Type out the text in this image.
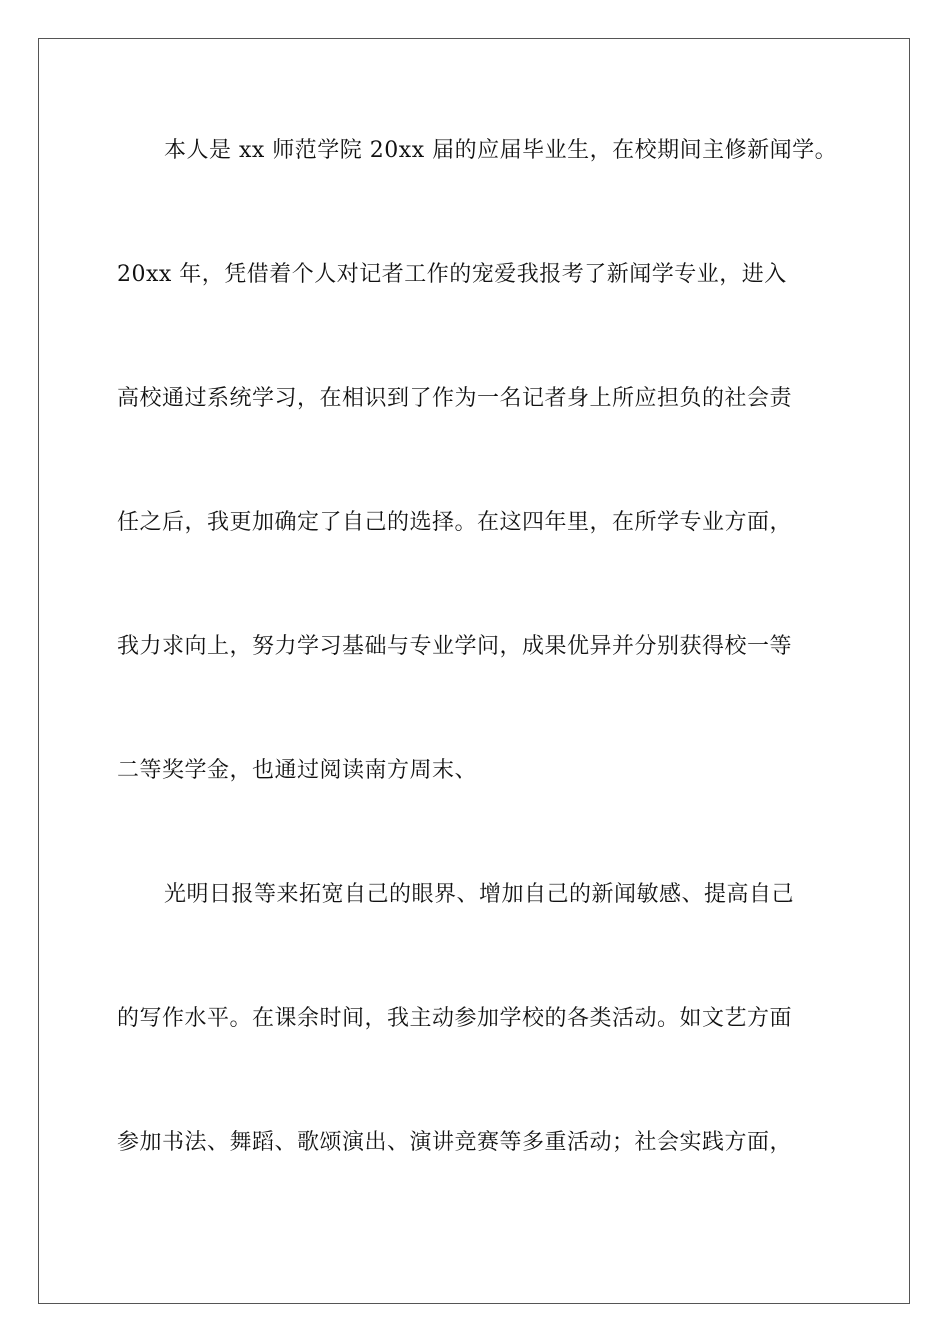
本人是 xx 师范学院 20xx 届的应届毕业生，在校期间主修新闻学。
20xx 年，凭借着个人对记者工作的宠爱我报考了新闻学专业，进入
高校通过系统学习，在相识到了作为一名记者身上所应担负的社会责
任之后，我更加确定了自己的选择。在这四年里，在所学专业方面，
我力求向上，努力学习基础与专业学问，成果优异并分别获得校一等
二等奖学金，也通过阅读南方周末、
光明日报等来拓宽自己的眼界、增加自己的新闻敏感、提高自己
的写作水平。在课余时间，我主动参加学校的各类活动。如文艺方面
参加书法、舞蹈、歌颂演出、演讲竞赛等多重活动；社会实践方面，
